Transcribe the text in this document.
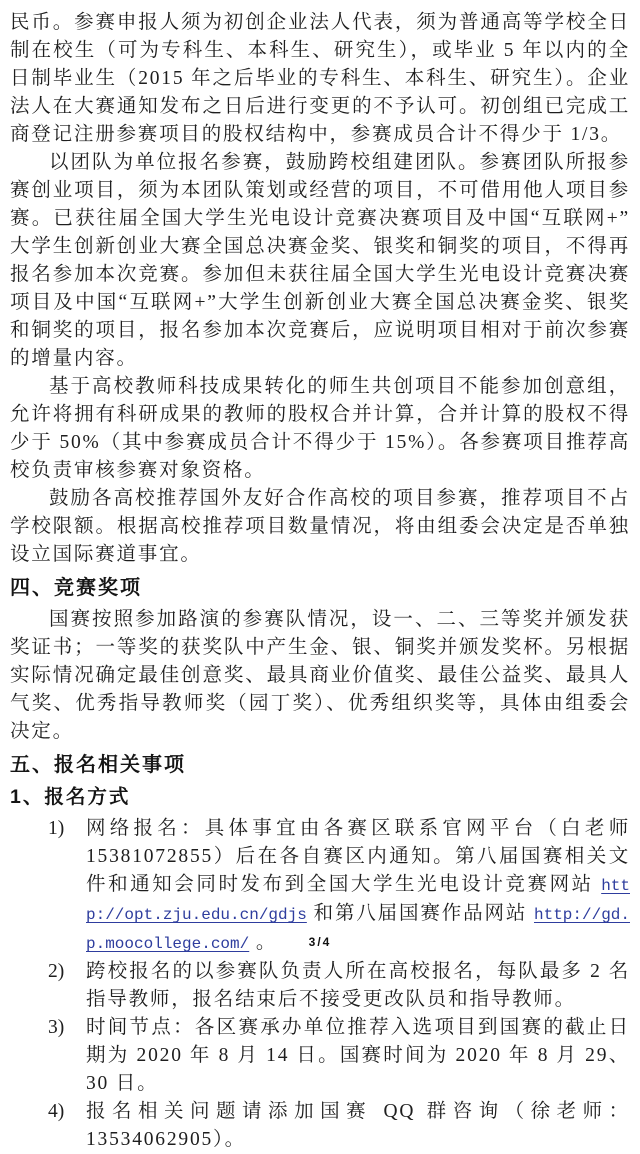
民币。参赛申报人须为初创企业法人代表，须为普通高等学校全日制在校生（可为专科生、本科生、研究生），或毕业 5 年以内的全日制毕业生（2015 年之后毕业的专科生、本科生、研究生）。企业法人在大赛通知发布之日后进行变更的不予认可。初创组已完成工商登记注册参赛项目的股权结构中，参赛成员合计不得少于 1/3。

以团队为单位报名参赛，鼓励跨校组建团队。参赛团队所报参赛创业项目，须为本团队策划或经营的项目，不可借用他人项目参赛。已获往届全国大学生光电设计竞赛决赛项目及中国“互联网+”大学生创新创业大赛全国总决赛金奖、银奖和铜奖的项目，不得再报名参加本次竞赛。参加但未获往届全国大学生光电设计竞赛决赛项目及中国“互联网+”大学生创新创业大赛全国总决赛金奖、银奖和铜奖的项目，报名参加本次竞赛后，应说明项目相对于前次参赛的增量内容。

基于高校教师科技成果转化的师生共创项目不能参加创意组，允许将拥有科研成果的教师的股权合并计算，合并计算的股权不得少于 50%（其中参赛成员合计不得少于 15%）。各参赛项目推荐高校负责审核参赛对象资格。

鼓励各高校推荐国外友好合作高校的项目参赛，推荐项目不占学校限额。根据高校推荐项目数量情况，将由组委会决定是否单独设立国际赛道事宜。

四、竞赛奖项

国赛按照参加路演的参赛队情况，设一、二、三等奖并颁发获奖证书；一等奖的获奖队中产生金、银、铜奖并颁发奖杯。另根据实际情况确定最佳创意奖、最具商业价值奖、最佳公益奖、最具人气奖、优秀指导教师奖（园丁奖）、优秀组织奖等，具体由组委会决定。

五、报名相关事项
1、报名方式
1)	网络报名：具体事宜由各赛区联系官网平台（白老师 15381072855）后在各自赛区内通知。第八届国赛相关文件和通知会同时发布到全国大学生光电设计竞赛网站 http://opt.zju.edu.cn/gdjs 和第八届国赛作品网站 http://gd.p.moocollege.com/ 。
2)	跨校报名的以参赛队负责人所在高校报名，每队最多 2 名指导教师，报名结束后不接受更改队员和指导教师。
3)	时间节点：各区赛承办单位推荐入选项目到国赛的截止日期为 2020 年 8 月 14 日。国赛时间为 2020 年 8 月 29、30 日。
4)	报名相关问题请添加国赛 QQ 群咨询（徐老师：13534062905）。
3/4
